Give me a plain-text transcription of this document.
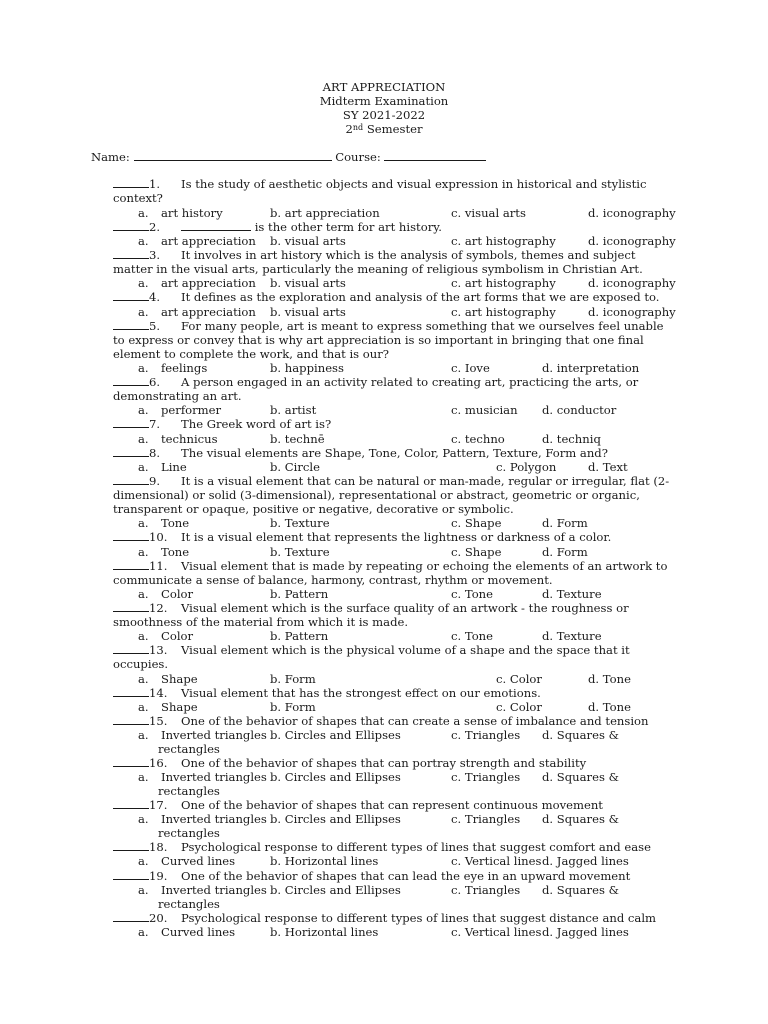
ART APPRECIATION
Midterm Examination
SY 2021-2022
2nd Semester
Name:	Course:
1. Is the study of aesthetic objects and visual expression in historical and stylistic context?
a. art history	b. art appreciation	c. visual arts	d. iconography
2.	is the other term for art history.
a. art appreciation b. visual arts	c. art histography	d. iconography
3. It involves in art history which is the analysis of symbols, themes and subject matter in the visual arts, particularly the meaning of religious symbolism in Christian Art.
a. art appreciation b. visual arts	c. art histography	d. iconography
4. It defines as the exploration and analysis of the art forms that we are exposed to.
a. art appreciation b. visual arts	c. art histography	d. iconography
5. For many people, art is meant to express something that we ourselves feel unable to express or convey that is why art appreciation is so important in bringing that one final element to complete the work, and that is our?
a. feelings	b. happiness	c. Iove	d. interpretation
6. A person engaged in an activity related to creating art, practicing the arts, or demonstrating an art.
a. performer	b. artist	c. musician d. conductor
7. The Greek word of art is?
a. technicus	b. technē	c. techno	d. techniq
8. The visual elements are Shape, Tone, Color, Pattern, Texture, Form and?
a. Line	b. Circle	c. Polygon	d. Text
9. It is a visual element that can be natural or man-made, regular or irregular, flat (2-dimensional) or solid (3-dimensional), representational or abstract, geometric or organic, transparent or opaque, positive or negative, decorative or symbolic.
a. Tone	b. Texture	c. Shape	d. Form
10. It is a visual element that represents the lightness or darkness of a color.
a. Tone	b. Texture	c. Shape	d. Form
11. Visual element that is made by repeating or echoing the elements of an artwork to communicate a sense of balance, harmony, contrast, rhythm or movement.
a. Color	b. Pattern	c. Tone	d. Texture
12. Visual element which is the surface quality of an artwork - the roughness or smoothness of the material from which it is made.
a. Color	b. Pattern	c. Tone	d. Texture
13. Visual element which is the physical volume of a shape and the space that it occupies.
a. Shape	b. Form	c. Color	d. Tone
14. Visual element that has the strongest effect on our emotions.
a. Shape	b. Form	c. Color	d. Tone
15. One of the behavior of shapes that can create a sense of imbalance and tension
a. Inverted triangles b. Circles and Ellipses	c. Triangles d. Squares &
rectangles
16. One of the behavior of shapes that can portray strength and stability
a. Inverted triangles b. Circles and Ellipses	c. Triangles d. Squares &
rectangles
17. One of the behavior of shapes that can represent continuous movement
a. Inverted triangles b. Circles and Ellipses	c. Triangles d. Squares &
rectangles
18. Psychological response to different types of lines that suggest comfort and ease
a. Curved lines	b. Horizontal lines	c. Vertical lines d. Jagged lines
19. One of the behavior of shapes that can lead the eye in an upward movement
a. Inverted triangles b. Circles and Ellipses	c. Triangles d. Squares &
rectangles
20. Psychological response to different types of lines that suggest distance and calm
a. Curved lines	b. Horizontal lines	c. Vertical lines d. Jagged lines
